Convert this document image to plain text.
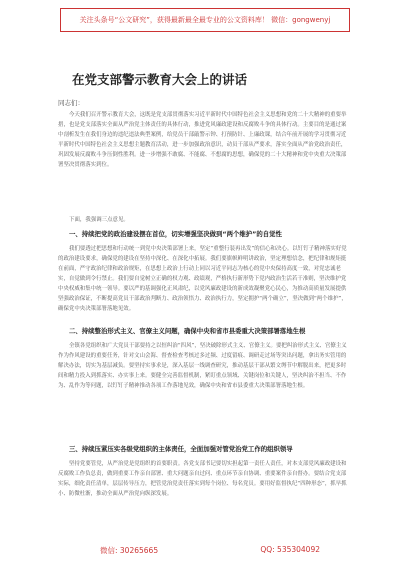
关注头条号“公文研究”，获得最新最全最专业的公文资料库！ 微信：gongwenyj
在党支部警示教育大会上的讲话
同志们：
今天我们召开警示教育大会，这既是党支部贯彻落实习近平新时代中国特色社会主义思想和党的二十大精神的重要举措，也是党支部落实全面从严治党主体责任的具体行动，推进党风廉政建设和反腐败斗争的具体行动。主要目的是通过案中剖析发生在我们身边的违纪违法典型案例，给党员干部敲警示钟、打预防针、上廉政课，结合年前开展的学习贯彻习近平新时代中国特色社会主义思想主题教育活动，进一步加强政治意识，动员干部从严要求，落实全面从严治党政治责任，巩固发展反腐败斗争压倒性胜利。进一步增强不敢腐、不能腐、不想腐的思想，确保党的二十大精神和党中央重大决策部署坚决贯彻落实到位。
下面，我强调三点意见。
一、持续把党的政治建设摆在首位，切实增强坚决做到“两个维护”的自觉性
我们要透过把思想和行动统一到党中央决策部署上来，坚定“重整行装再出发”的信心和决心。以钉钉子精神落实好党的政治建设要求，确保党的建设在坚持中深化、在深化中拓展。我们要旗帜鲜明讲政治，坚定理想信念，把纪律和规矩挺在前面，严守政治纪律和政治规矩，在思想上政治上行动上同以习近平同志为核心的党中央保持高度一致，对党忠诚老实，自觉做到令行禁止。我们要自觉树立正确的权力观、政绩观，严格执行新形势下党内政治生活若干准则，坚决维护党中央权威和集中统一领导。要以严的基调强化正风肃纪，以党风廉政建设的新成效凝聚党心民心，为推动高质量发展提供坚强政治保证，不断提高党员干部政治判断力、政治领悟力、政治执行力，坚定拥护“两个确立”，坚决做到“两个维护”，确保党中央决策部署落地见效。
二、持续整治形式主义、官僚主义问题，确保中央和省市县委重大决策部署落地生根
全镇各党组织和广大党员干部要持之以恒纠治“四风”，坚决破除形式主义、官僚主义。要把纠治形式主义、官僚主义作为作风建设的重要任务，针对文山会海、督查检查考核过多过频、过度留痕、调研走过场等突出问题，拿出务实管用的解决办法，切实为基层减负。要坚持实事求是，深入基层一线调查研究，推动基层干部从繁文缛节中解脱出来，把更多时间和精力投入到抓落实、办实事上来。要健全完善监督机制，紧盯重点领域、关键岗位和关键人，坚决纠治不担当、不作为、乱作为等问题，以钉钉子精神推动各项工作落地见效，确保中央和省市县委重大决策部署落地生根。
三、持续压紧压实各级党组织的主体责任，全面加强对管党治党工作的组织领导
坚持党要管党，从严治党是党组织的首要职责。各党支部书记要切实担起第一责任人责任，对本支部党风廉政建设和反腐败工作负总责，做到重要工作亲自部署、重大问题亲自过问、重点环节亲自协调、重要案件亲自督办。要结合党支部实际，细化责任清单，层层传导压力，把管党治党责任落实到每个岗位、每名党员。要用好监督执纪“四种形态”，抓早抓小、防微杜渐，推动全面从严治党向纵深发展。
微信: 30265665	QQ: 535304092
